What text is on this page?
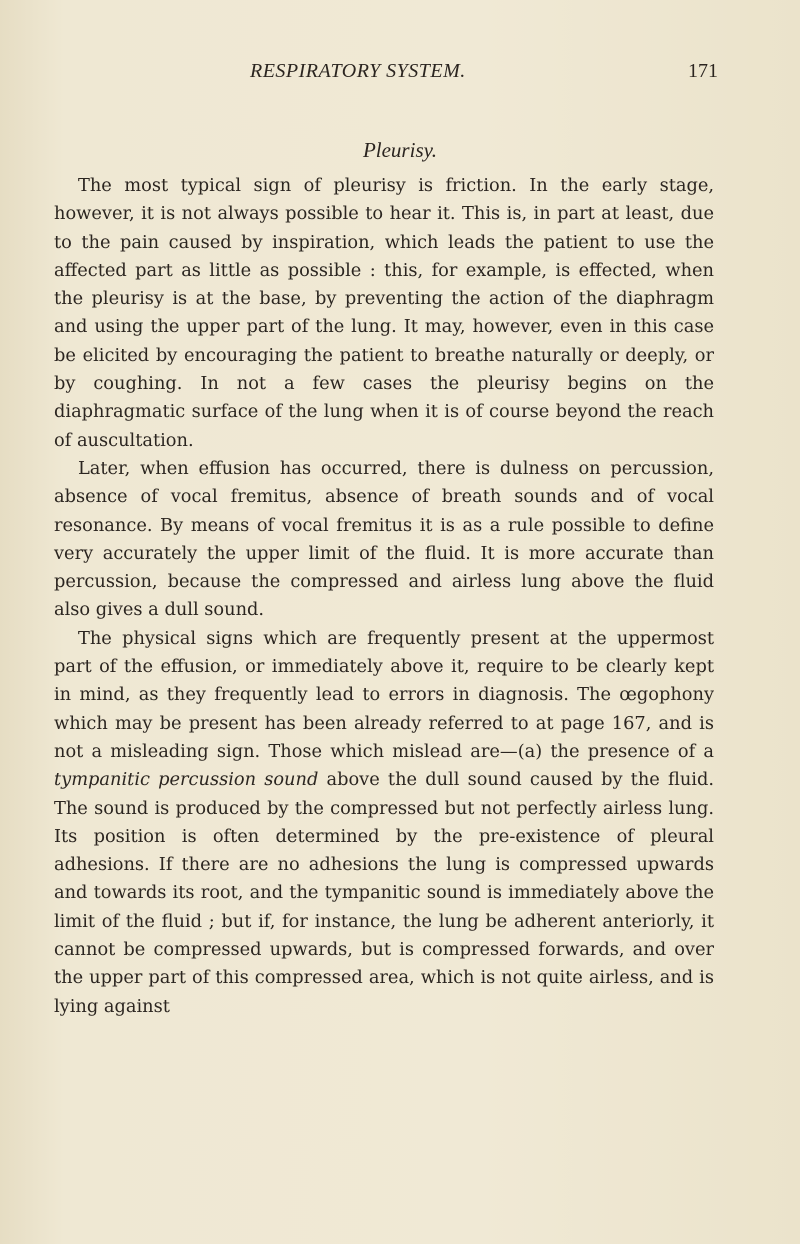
RESPIRATORY SYSTEM.	171
Pleurisy.

The most typical sign of pleurisy is friction. In the early stage, however, it is not always possible to hear it. This is, in part at least, due to the pain caused by inspiration, which leads the patient to use the affected part as little as possible : this, for example, is effected, when the pleurisy is at the base, by preventing the action of the diaphragm and using the upper part of the lung. It may, however, even in this case be elicited by encouraging the patient to breathe naturally or deeply, or by coughing. In not a few cases the pleurisy begins on the diaphragmatic surface of the lung when it is of course beyond the reach of auscultation.

Later, when effusion has occurred, there is dulness on percussion, absence of vocal fremitus, absence of breath sounds and of vocal resonance. By means of vocal fremitus it is as a rule possible to define very accurately the upper limit of the fluid. It is more accurate than percussion, because the compressed and airless lung above the fluid also gives a dull sound.

The physical signs which are frequently present at the uppermost part of the effusion, or immediately above it, require to be clearly kept in mind, as they frequently lead to errors in diagnosis. The œgophony which may be present has been already referred to at page 167, and is not a misleading sign. Those which mislead are—(a) the presence of a tympanitic percussion sound above the dull sound caused by the fluid. The sound is produced by the compressed but not perfectly airless lung. Its position is often determined by the pre-existence of pleural adhesions. If there are no adhesions the lung is compressed upwards and towards its root, and the tympanitic sound is immediately above the limit of the fluid ; but if, for instance, the lung be adherent anteriorly, it cannot be compressed upwards, but is compressed forwards, and over the upper part of this compressed area, which is not quite airless, and is lying against
